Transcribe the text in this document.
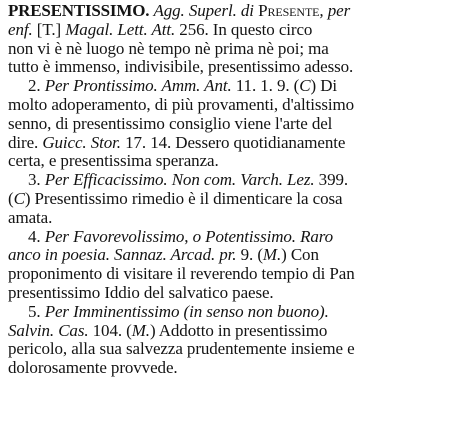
PRESENTISSIMO. Agg. Superl. di Presente, per
enf. [T.] Magal. Lett. Att. 256. In questo circo
non vi è nè luogo nè tempo nè prima nè poi; ma
tutto è immenso, indivisibile, presentissimo adesso.
2. Per Prontissimo. Amm. Ant. 11. 1. 9. (C) Di
molto adoperamento, di più provamenti, d'altissimo
senno, di presentissimo consiglio viene l'arte del
dire. Guicc. Stor. 17. 14. Dessero quotidianamente
certa, e presentissima speranza.
3. Per Efficacissimo. Non com. Varch. Lez. 399.
(C) Presentissimo rimedio è il dimenticare la cosa
amata.
4. Per Favorevolissimo, o Potentissimo. Raro
anco in poesia. Sannaz. Arcad. pr. 9. (M.) Con
proponimento di visitare il reverendo tempio di Pan
presentissimo Iddio del salvatico paese.
5. Per Imminentissimo (in senso non buono).
Salvin. Cas. 104. (M.) Addotto in presentissimo
pericolo, alla sua salvezza prudentemente insieme e
dolorosamente provvede.
